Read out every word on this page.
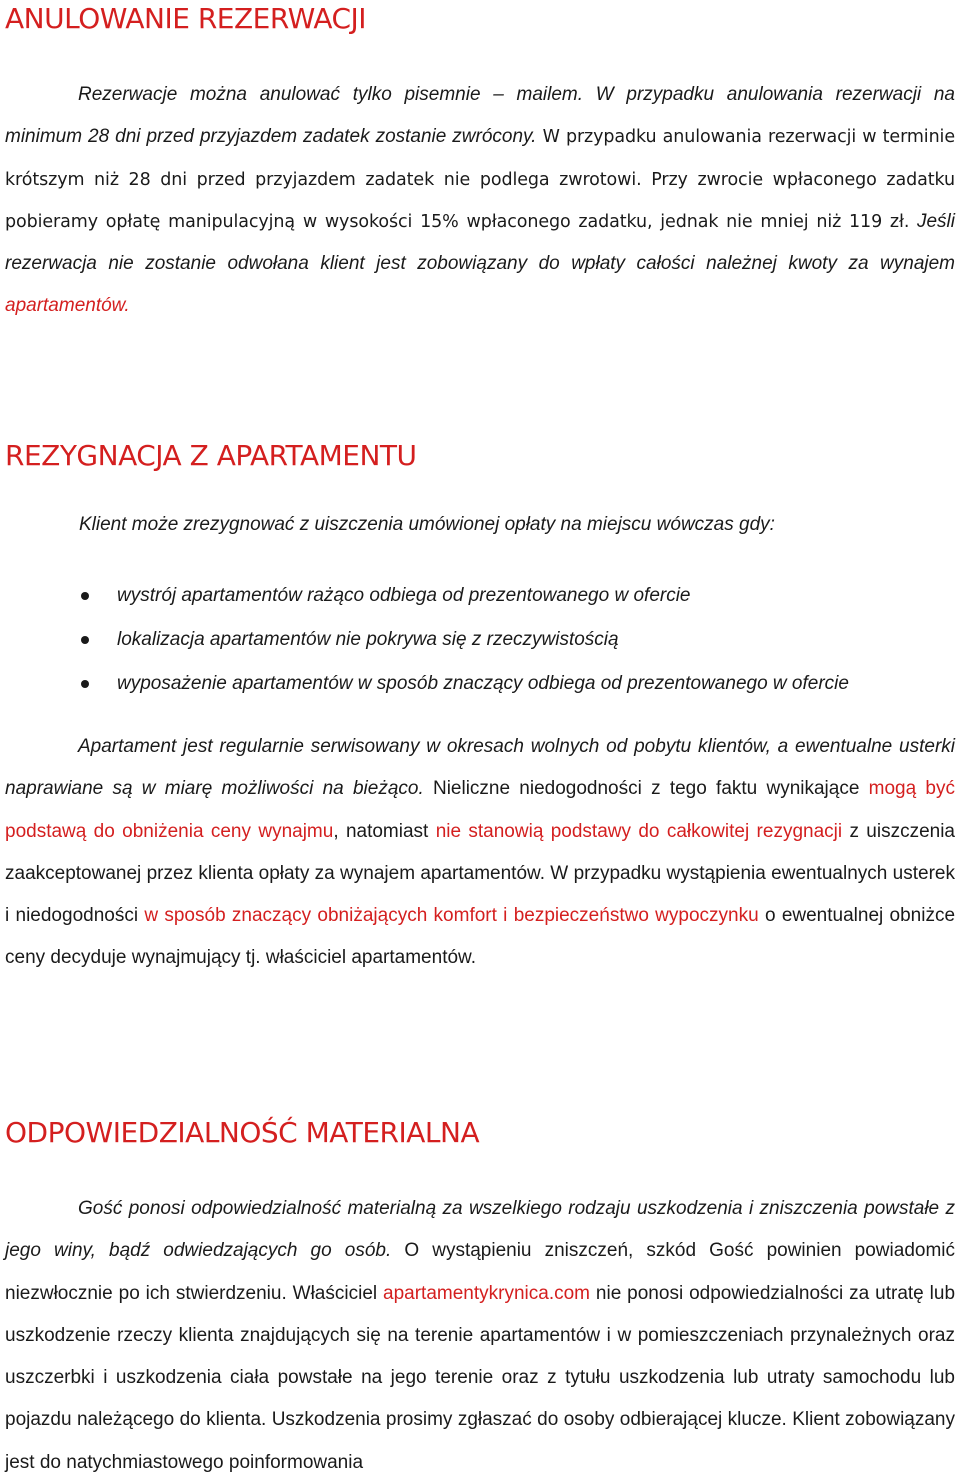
ANULOWANIE REZERWACJI

Rezerwacje można anulować tylko pisemnie – mailem. W przypadku anulowania rezerwacji na minimum 28 dni przed przyjazdem zadatek zostanie zwrócony. W przypadku anulowania rezerwacji w terminie krótszym niż 28 dni przed przyjazdem zadatek nie podlega zwrotowi. Przy zwrocie wpłaconego zadatku pobieramy opłatę manipulacyjną w wysokości 15% wpłaconego zadatku, jednak nie mniej niż 119 zł. Jeśli rezerwacja nie zostanie odwołana klient jest zobowiązany do wpłaty całości należnej kwoty za wynajem apartamentów.

REZYGNACJA Z APARTAMENTU

Klient może zrezygnować z uiszczenia umówionej opłaty na miejscu wówczas gdy:

wystrój apartamentów rażąco odbiega od prezentowanego w ofercie
lokalizacja apartamentów nie pokrywa się z rzeczywistością
wyposażenie apartamentów w sposób znaczący odbiega od prezentowanego w ofercie

Apartament jest regularnie serwisowany w okresach wolnych od pobytu klientów, a ewentualne usterki naprawiane są w miarę możliwości na bieżąco. Nieliczne niedogodności z tego faktu wynikające mogą być podstawą do obniżenia ceny wynajmu, natomiast nie stanowią podstawy do całkowitej rezygnacji z uiszczenia zaakceptowanej przez klienta opłaty za wynajem apartamentów. W przypadku wystąpienia ewentualnych usterek i niedogodności w sposób znaczący obniżających komfort i bezpieczeństwo wypoczynku o ewentualnej obniżce ceny decyduje wynajmujący tj. właściciel apartamentów.

ODPOWIEDZIALNOŚĆ MATERIALNA

Gość ponosi odpowiedzialność materialną za wszelkiego rodzaju uszkodzenia i zniszczenia powstałe z jego winy, bądź odwiedzających go osób. O wystąpieniu zniszczeń, szkód Gość powinien powiadomić niezwłocznie po ich stwierdzeniu. Właściciel apartamentykrynica.com nie ponosi odpowiedzialności za utratę lub uszkodzenie rzeczy klienta znajdujących się na terenie apartamentów i w pomieszczeniach przynależnych oraz uszczerbki i uszkodzenia ciała powstałe na jego terenie oraz z tytułu uszkodzenia lub utraty samochodu lub pojazdu należącego do klienta. Uszkodzenia prosimy zgłaszać do osoby odbierającej klucze. Klient zobowiązany jest do natychmiastowego poinformowania
